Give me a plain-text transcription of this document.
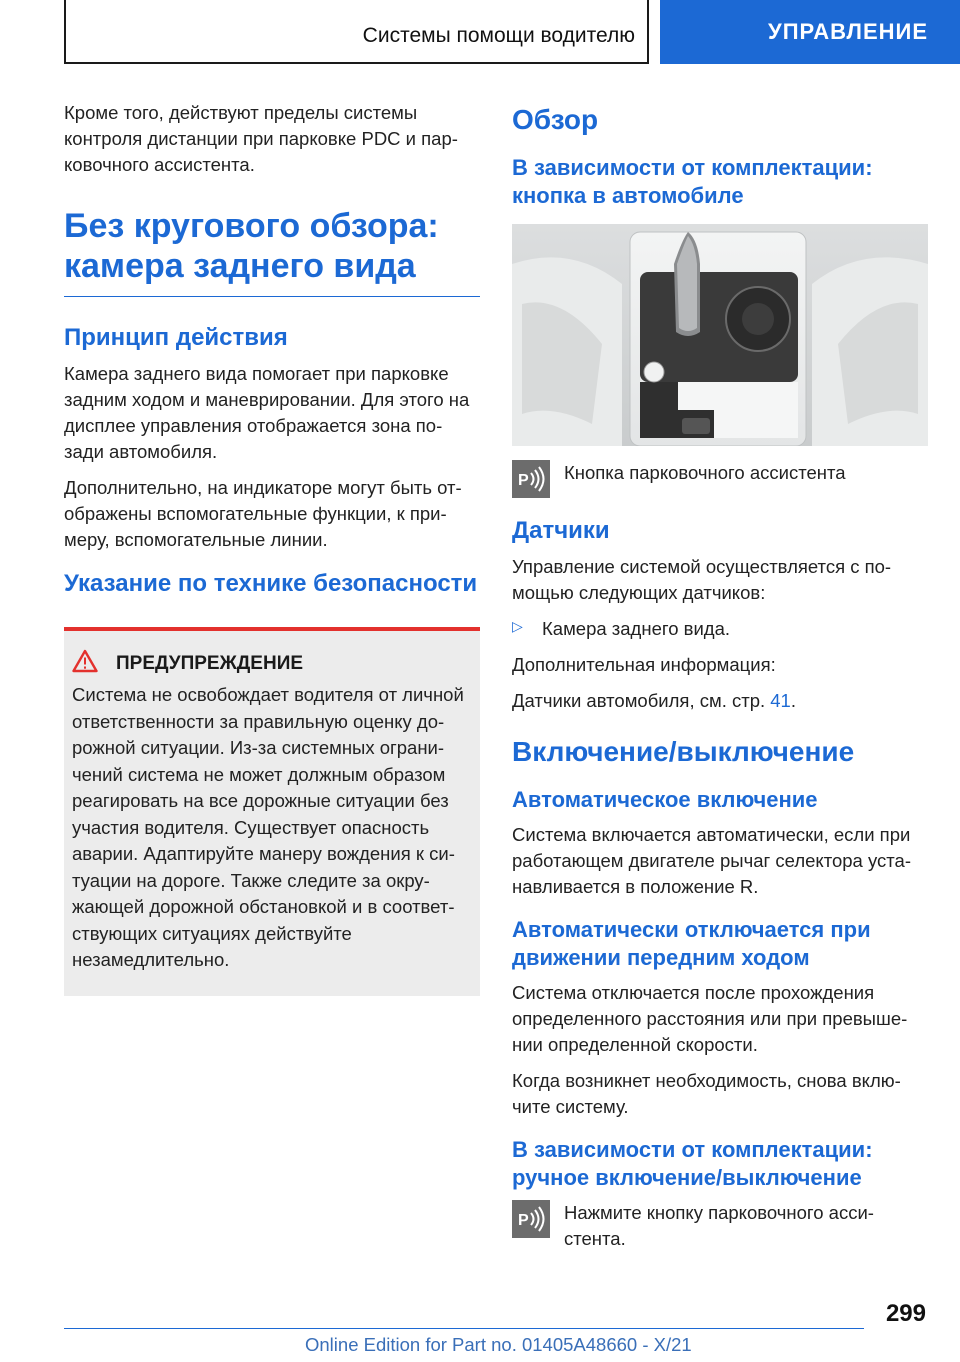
Системы помощи водителю	УПРАВЛЕНИЕ

Кроме того, действуют пределы системы контроля дистанции при парковке PDC и пар-ковочного ассистента.

Без кругового обзора: камера заднего вида
Принцип действия

Камера заднего вида помогает при парковке задним ходом и маневрировании. Для этого на дисплее управления отображается зона по-зади автомобиля.

Дополнительно, на индикаторе могут быть от-ображены вспомогательные функции, к при-меру, вспомогательные линии.

Указание по технике безопасности
ПРЕДУПРЕЖДЕНИЕ

Система не освобождает водителя от личной ответственности за правильную оценку до-рожной ситуации. Из-за системных ограни-чений система не может должным образом реагировать на все дорожные ситуации без участия водителя. Существует опасность аварии. Адаптируйте манеру вождения к си-туации на дороге. Также следите за окру-жающей дорожной обстановкой и в соответ-ствующих ситуациях действуйте незамедлительно.

Обзор
В зависимости от комплектации: кнопка в автомобиле
P Кнопка парковочного ассистента

Датчики

Управление системой осуществляется с по-мощью следующих датчиков:

▷	Камера заднего вида.

Дополнительная информация:

Датчики автомобиля, см. стр. 41.

Включение/выключение
Автоматическое включение

Система включается автоматически, если при работающем двигателе рычаг селектора уста-навливается в положение R.

Автоматически отключается при движении передним ходом

Система отключается после прохождения определенного расстояния или при превыше-нии определенной скорости.

Когда возникнет необходимость, снова вклю-чите систему.

В зависимости от комплектации: ручное включение/выключение
P Нажмите кнопку парковочного асси-стента.

299
Online Edition for Part no. 01405A48660 - X/21
